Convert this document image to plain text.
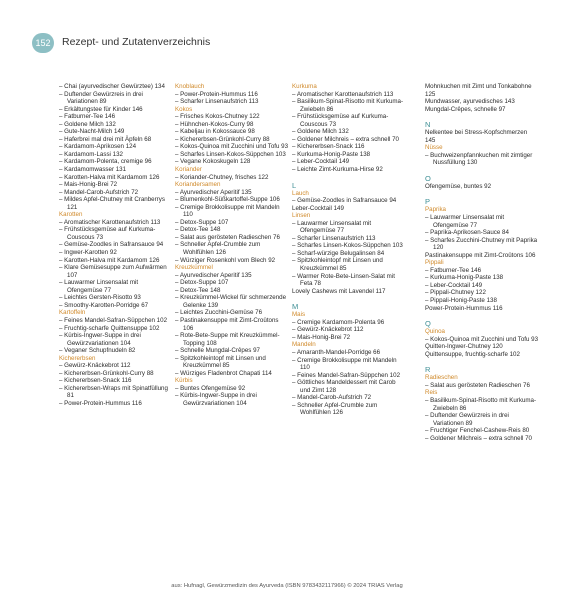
152	Rezept- und Zutatenverzeichnis
– Chai (ayurvedischer Gewürztee) 134
– Duftender Gewürzreis in drei Variationen 89
– Erkältungstee für Kinder 146
– Fatburner-Tee 146
– Goldene Milch 132
– Gute-Nacht-Milch 149
– Haferbrei mal drei mit Äpfeln 68
– Kardamom-Aprikosen 124
– Kardamom-Lassi 132
– Kardamom-Polenta, cremige 96
– Kardamomwasser 131
– Karotten-Halva mit Kardamom 126
– Mais-Honig-Brei 72
– Mandel-Carob-Aufstrich 72
– Mildes Apfel-Chutney mit Cranberrys 121
Karotten
– Aromatischer Karottenaufstrich 113
– Frühstücksgemüse auf Kurkuma-Couscous 73
– Gemüse-Zoodles in Safransauce 94
– Ingwer-Karotten 92
– Karotten-Halva mit Kardamom 126
– Klare Gemüsesuppe zum Aufwärmen 107
– Lauwarmer Linsensalat mit Ofengemüse 77
– Leichtes Gersten-Risotto 93
– Smoothy-Karotten-Porridge 67
Kartoffeln
– Feines Mandel-Safran-Süppchen 102
– Fruchtig-scharfe Quittensuppe 102
– Kürbis-Ingwer-Suppe in drei Gewürzvariationen 104
– Veganer Schupfnudeln 82
Kichererbsen
– Gewürz-Knäckebrot 112
– Kichererbsen-Grünkohl-Curry 88
– Kichererbsen-Snack 116
– Kichererbsen-Wraps mit Spinatfüllung 81
– Power-Protein-Hummus 116
Knoblauch
– Power-Protein-Hummus 116
– Scharfer Linsenaufstrich 113
Kokos
– Frisches Kokos-Chutney 122
– Hühnchen-Kokos-Curry 98
– Kabeljau in Kokossauce 98
– Kichererbsen-Grünkohl-Curry 88
– Kokos-Quinoa mit Zucchini und Tofu 93
– Scharfes Linsen-Kokos-Süppchen 103
– Vegane Kokoskugeln 128
Koriander
– Koriander-Chutney, frisches 122
Koriandersamen
– Ayurvedischer Aperitif 135
– Blumenkohl-Süßkartoffel-Suppe 106
– Cremige Brokkolisuppe mit Mandeln 110
– Detox-Suppe 107
– Detox-Tee 148
– Salat aus gerösteten Radieschen 76
– Schneller Apfel-Crumble zum Wohlfühlen 126
– Würziger Rosenkohl vom Blech 92
Kreuzkümmel
– Ayurvedischer Aperitif 135
– Detox-Suppe 107
– Detox-Tee 148
– Kreuzkümmel-Wickel für schmerzende Gelenke 139
– Leichtes Zucchini-Gemüse 76
– Pastinakensuppe mit Zimt-Croûtons 106
– Rote-Bete-Suppe mit Kreuzkümmel-Topping 108
– Schnelle Mungdal-Crêpes 97
– Spitzkohleintopf mit Linsen und Kreuzkümmel 85
– Würziges Fladenbrot Chapati 114
Kürbis
– Buntes Ofengemüse 92
– Kürbis-Ingwer-Suppe in drei Gewürzvariationen 104
Kurkuma
– Aromatischer Karottenaufstrich 113
– Basilikum-Spinat-Risotto mit Kurkuma-Zwiebeln 86
– Frühstücksgemüse auf Kurkuma-Couscous 73
– Goldene Milch 132
– Goldener Milchreis – extra schnell 70
– Kichererbsen-Snack 116
– Kurkuma-Honig-Paste 138
– Leber-Cocktail 149
– Leichte Zimt-Kurkuma-Hirse 92
L
Lauch
– Gemüse-Zoodles in Safransauce 94
Leber-Cocktail 149
Linsen
– Lauwarmer Linsensalat mit Ofengemüse 77
– Scharfer Linsenaufstrich 113
– Scharfes Linsen-Kokos-Süppchen 103
– Scharf-würzige Belugalinsen 84
– Spitzkohleintopf mit Linsen und Kreuzkümmel 85
– Warmer Rote-Bete-Linsen-Salat mit Feta 78
Lovely Cashews mit Lavendel 117
M
Mais
– Cremige Kardamom-Polenta 96
– Gewürz-Knäckebrot 112
– Mais-Honig-Brei 72
Mandeln
– Amaranth-Mandel-Porridge 66
– Cremige Brokkolisuppe mit Mandeln 110
– Feines Mandel-Safran-Süppchen 102
– Göttliches Mandeldessert mit Carob und Zimt 128
– Mandel-Carob-Aufstrich 72
– Schneller Apfel-Crumble zum Wohlfühlen 126
Mohnkuchen mit Zimt und Tonkabohne 125
Mundwasser, ayurvedisches 143
Mungdal-Crêpes, schnelle 97
N
Nelkentee bei Stress-Kopfschmerzen 145
Nüsse
– Buchweizenpfannkuchen mit zimtiger Nussfüllung 130
O
Ofengemüse, buntes 92
P
Paprika
– Lauwarmer Linsensalat mit Ofengemüse 77
– Paprika-Aprikosen-Sauce 84
– Scharfes Zucchini-Chutney mit Paprika 120
Pastinakensuppe mit Zimt-Croûtons 106
Pippali
– Fatburner-Tee 146
– Kurkuma-Honig-Paste 138
– Leber-Cocktail 149
– Pippali-Chutney 122
– Pippali-Honig-Paste 138
Power-Protein-Hummus 116
Q
Quinoa
– Kokos-Quinoa mit Zucchini und Tofu 93
Quitten-Ingwer-Chutney 120
Quittensuppe, fruchtig-scharfe 102
R
Radieschen
– Salat aus gerösteten Radieschen 76
Reis
– Basilikum-Spinat-Risotto mit Kurkuma-Zwiebeln 86
– Duftender Gewürzreis in drei Variationen 89
– Fruchtiger Fenchel-Cashew-Reis 80
– Goldener Milchreis – extra schnell 70
aus: Hufnagl, Gewürzmedizin des Ayurveda (ISBN 9783432117966) © 2024 TRIAS Verlag
